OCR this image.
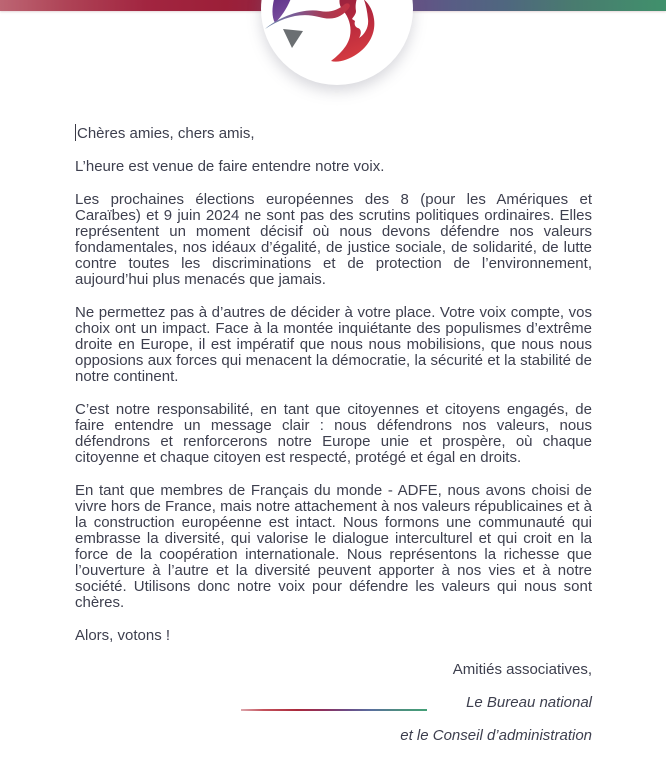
Chères amies, chers amis,

L’heure est venue de faire entendre notre voix.

Les prochaines élections européennes des 8 (pour les Amériques et Caraïbes) et 9 juin 2024 ne sont pas des scrutins politiques ordinaires. Elles représentent un moment décisif où nous devons défendre nos valeurs fondamentales, nos idéaux d’égalité, de justice sociale, de solidarité, de lutte contre toutes les discriminations et de protection de l’environnement, aujourd’hui plus menacés que jamais.

Ne permettez pas à d’autres de décider à votre place. Votre voix compte, vos choix ont un impact. Face à la montée inquiétante des populismes d’extrême droite en Europe, il est impératif que nous nous mobilisions, que nous nous opposions aux forces qui menacent la démocratie, la sécurité et la stabilité de notre continent.

C’est notre responsabilité, en tant que citoyennes et citoyens engagés, de faire entendre un message clair : nous défendrons nos valeurs, nous défendrons et renforcerons notre Europe unie et prospère, où chaque citoyenne et chaque citoyen est respecté, protégé et égal en droits.

En tant que membres de Français du monde - ADFE, nous avons choisi de vivre hors de France, mais notre attachement à nos valeurs républicaines et à la construction européenne est intact. Nous formons une communauté qui embrasse la diversité, qui valorise le dialogue interculturel et qui croit en la force de la coopération internationale. Nous représentons la richesse que l’ouverture à l’autre et la diversité peuvent apporter à nos vies et à notre société. Utilisons donc notre voix pour défendre les valeurs qui nous sont chères.

Alors, votons !

Amitiés associatives,

Le Bureau national

et le Conseil d’administration
